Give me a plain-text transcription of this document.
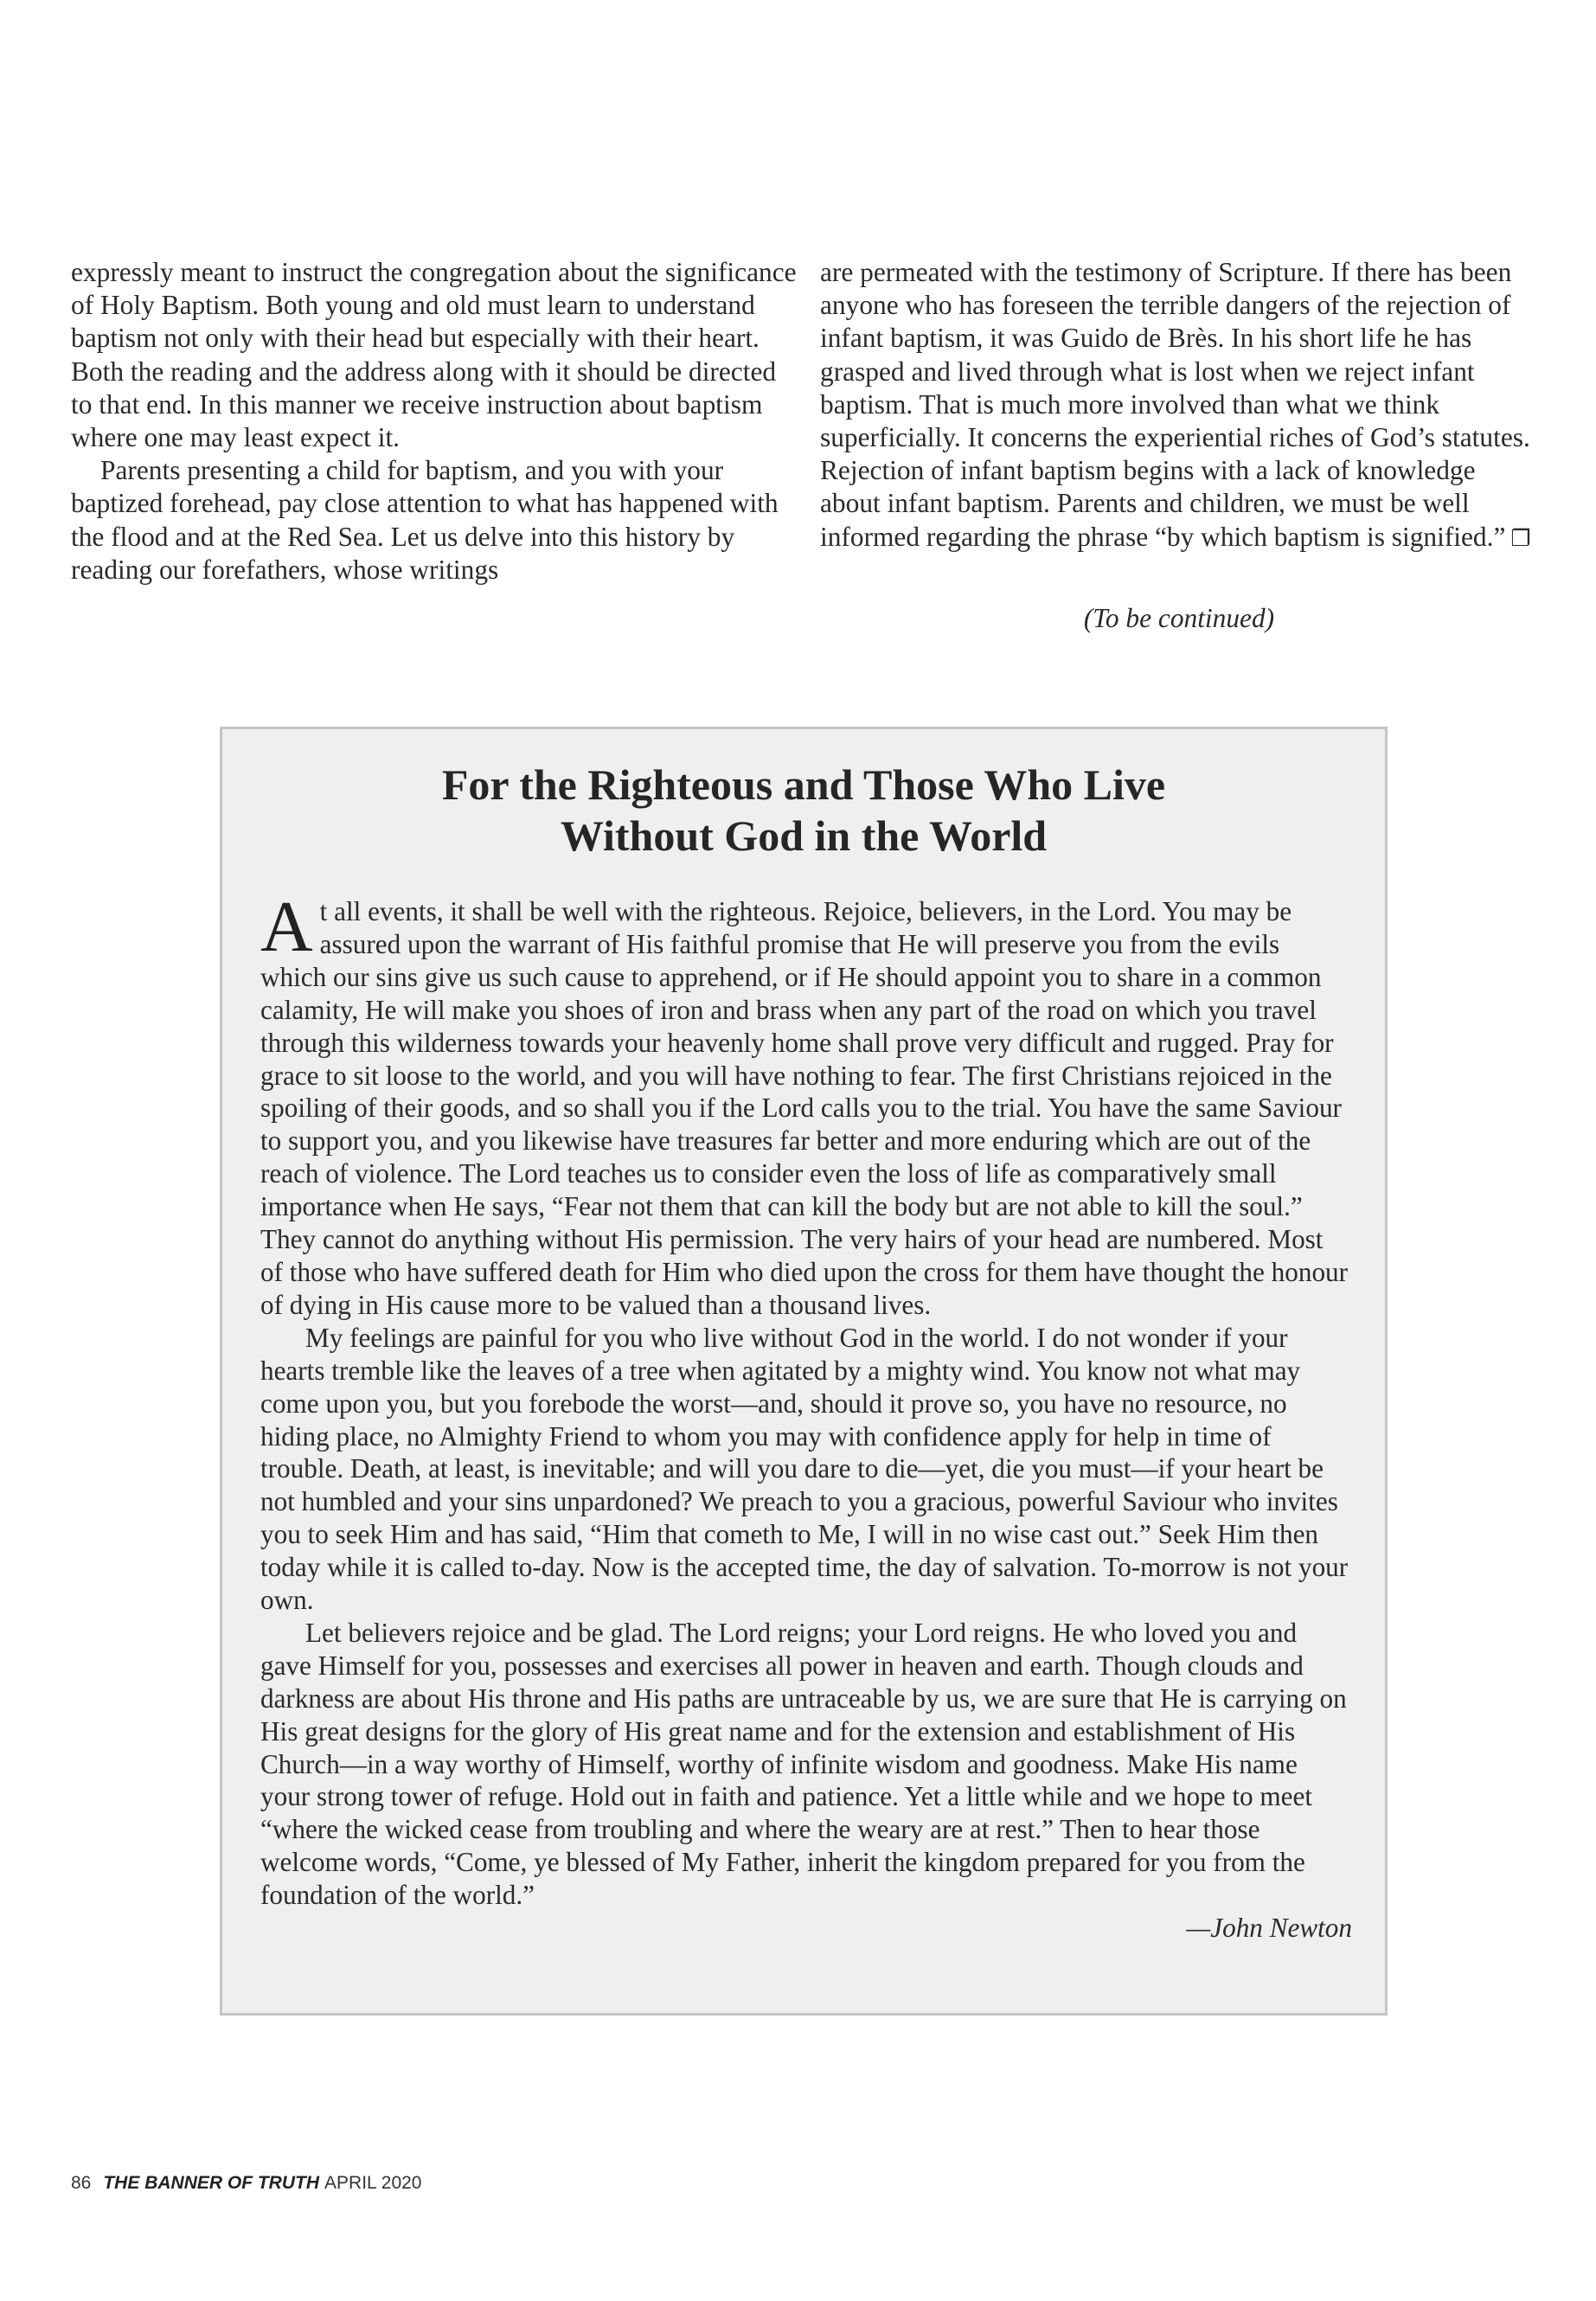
expressly meant to instruct the congregation about the significance of Holy Baptism. Both young and old must learn to understand baptism not only with their head but especially with their heart. Both the reading and the address along with it should be directed to that end. In this manner we receive instruction about baptism where one may least expect it.

Parents presenting a child for baptism, and you with your baptized forehead, pay close attention to what has happened with the flood and at the Red Sea. Let us delve into this history by reading our forefathers, whose writings

are permeated with the testimony of Scripture. If there has been anyone who has foreseen the terrible dangers of the rejection of infant baptism, it was Guido de Brès. In his short life he has grasped and lived through what is lost when we reject infant baptism. That is much more involved than what we think superficially. It concerns the experiential riches of God’s statutes. Rejection of infant baptism begins with a lack of knowledge about infant baptism. Parents and children, we must be well informed regarding the phrase “by which baptism is signified.” ❐

(To be continued)
For the Righteous and Those Who Live
Without God in the World

At all events, it shall be well with the righteous. Rejoice, believers, in the Lord. You may be assured upon the warrant of His faithful promise that He will preserve you from the evils which our sins give us such cause to apprehend, or if He should appoint you to share in a common calamity, He will make you shoes of iron and brass when any part of the road on which you travel through this wilderness towards your heavenly home shall prove very difficult and rugged. Pray for grace to sit loose to the world, and you will have nothing to fear. The first Christians rejoiced in the spoiling of their goods, and so shall you if the Lord calls you to the trial. You have the same Saviour to support you, and you likewise have treasures far better and more enduring which are out of the reach of violence. The Lord teaches us to consider even the loss of life as comparatively small importance when He says, “Fear not them that can kill the body but are not able to kill the soul.” They cannot do anything without His permission. The very hairs of your head are numbered. Most of those who have suffered death for Him who died upon the cross for them have thought the honour of dying in His cause more to be valued than a thousand lives.

My feelings are painful for you who live without God in the world. I do not wonder if your hearts tremble like the leaves of a tree when agitated by a mighty wind. You know not what may come upon you, but you forebode the worst—and, should it prove so, you have no resource, no hiding place, no Almighty Friend to whom you may with confidence apply for help in time of trouble. Death, at least, is inevitable; and will you dare to die—yet, die you must—if your heart be not humbled and your sins unpardoned? We preach to you a gracious, powerful Saviour who invites you to seek Him and has said, “Him that cometh to Me, I will in no wise cast out.” Seek Him then today while it is called to-day. Now is the accepted time, the day of salvation. To-morrow is not your own.

Let believers rejoice and be glad. The Lord reigns; your Lord reigns. He who loved you and gave Himself for you, possesses and exercises all power in heaven and earth. Though clouds and darkness are about His throne and His paths are untraceable by us, we are sure that He is carrying on His great designs for the glory of His great name and for the extension and establishment of His Church—in a way worthy of Himself, worthy of infinite wisdom and goodness. Make His name your strong tower of refuge. Hold out in faith and patience. Yet a little while and we hope to meet “where the wicked cease from troubling and where the weary are at rest.” Then to hear those welcome words, “Come, ye blessed of My Father, inherit the kingdom prepared for you from the foundation of the world.”

—John Newton

86 THE BANNER OF TRUTH APRIL 2020
